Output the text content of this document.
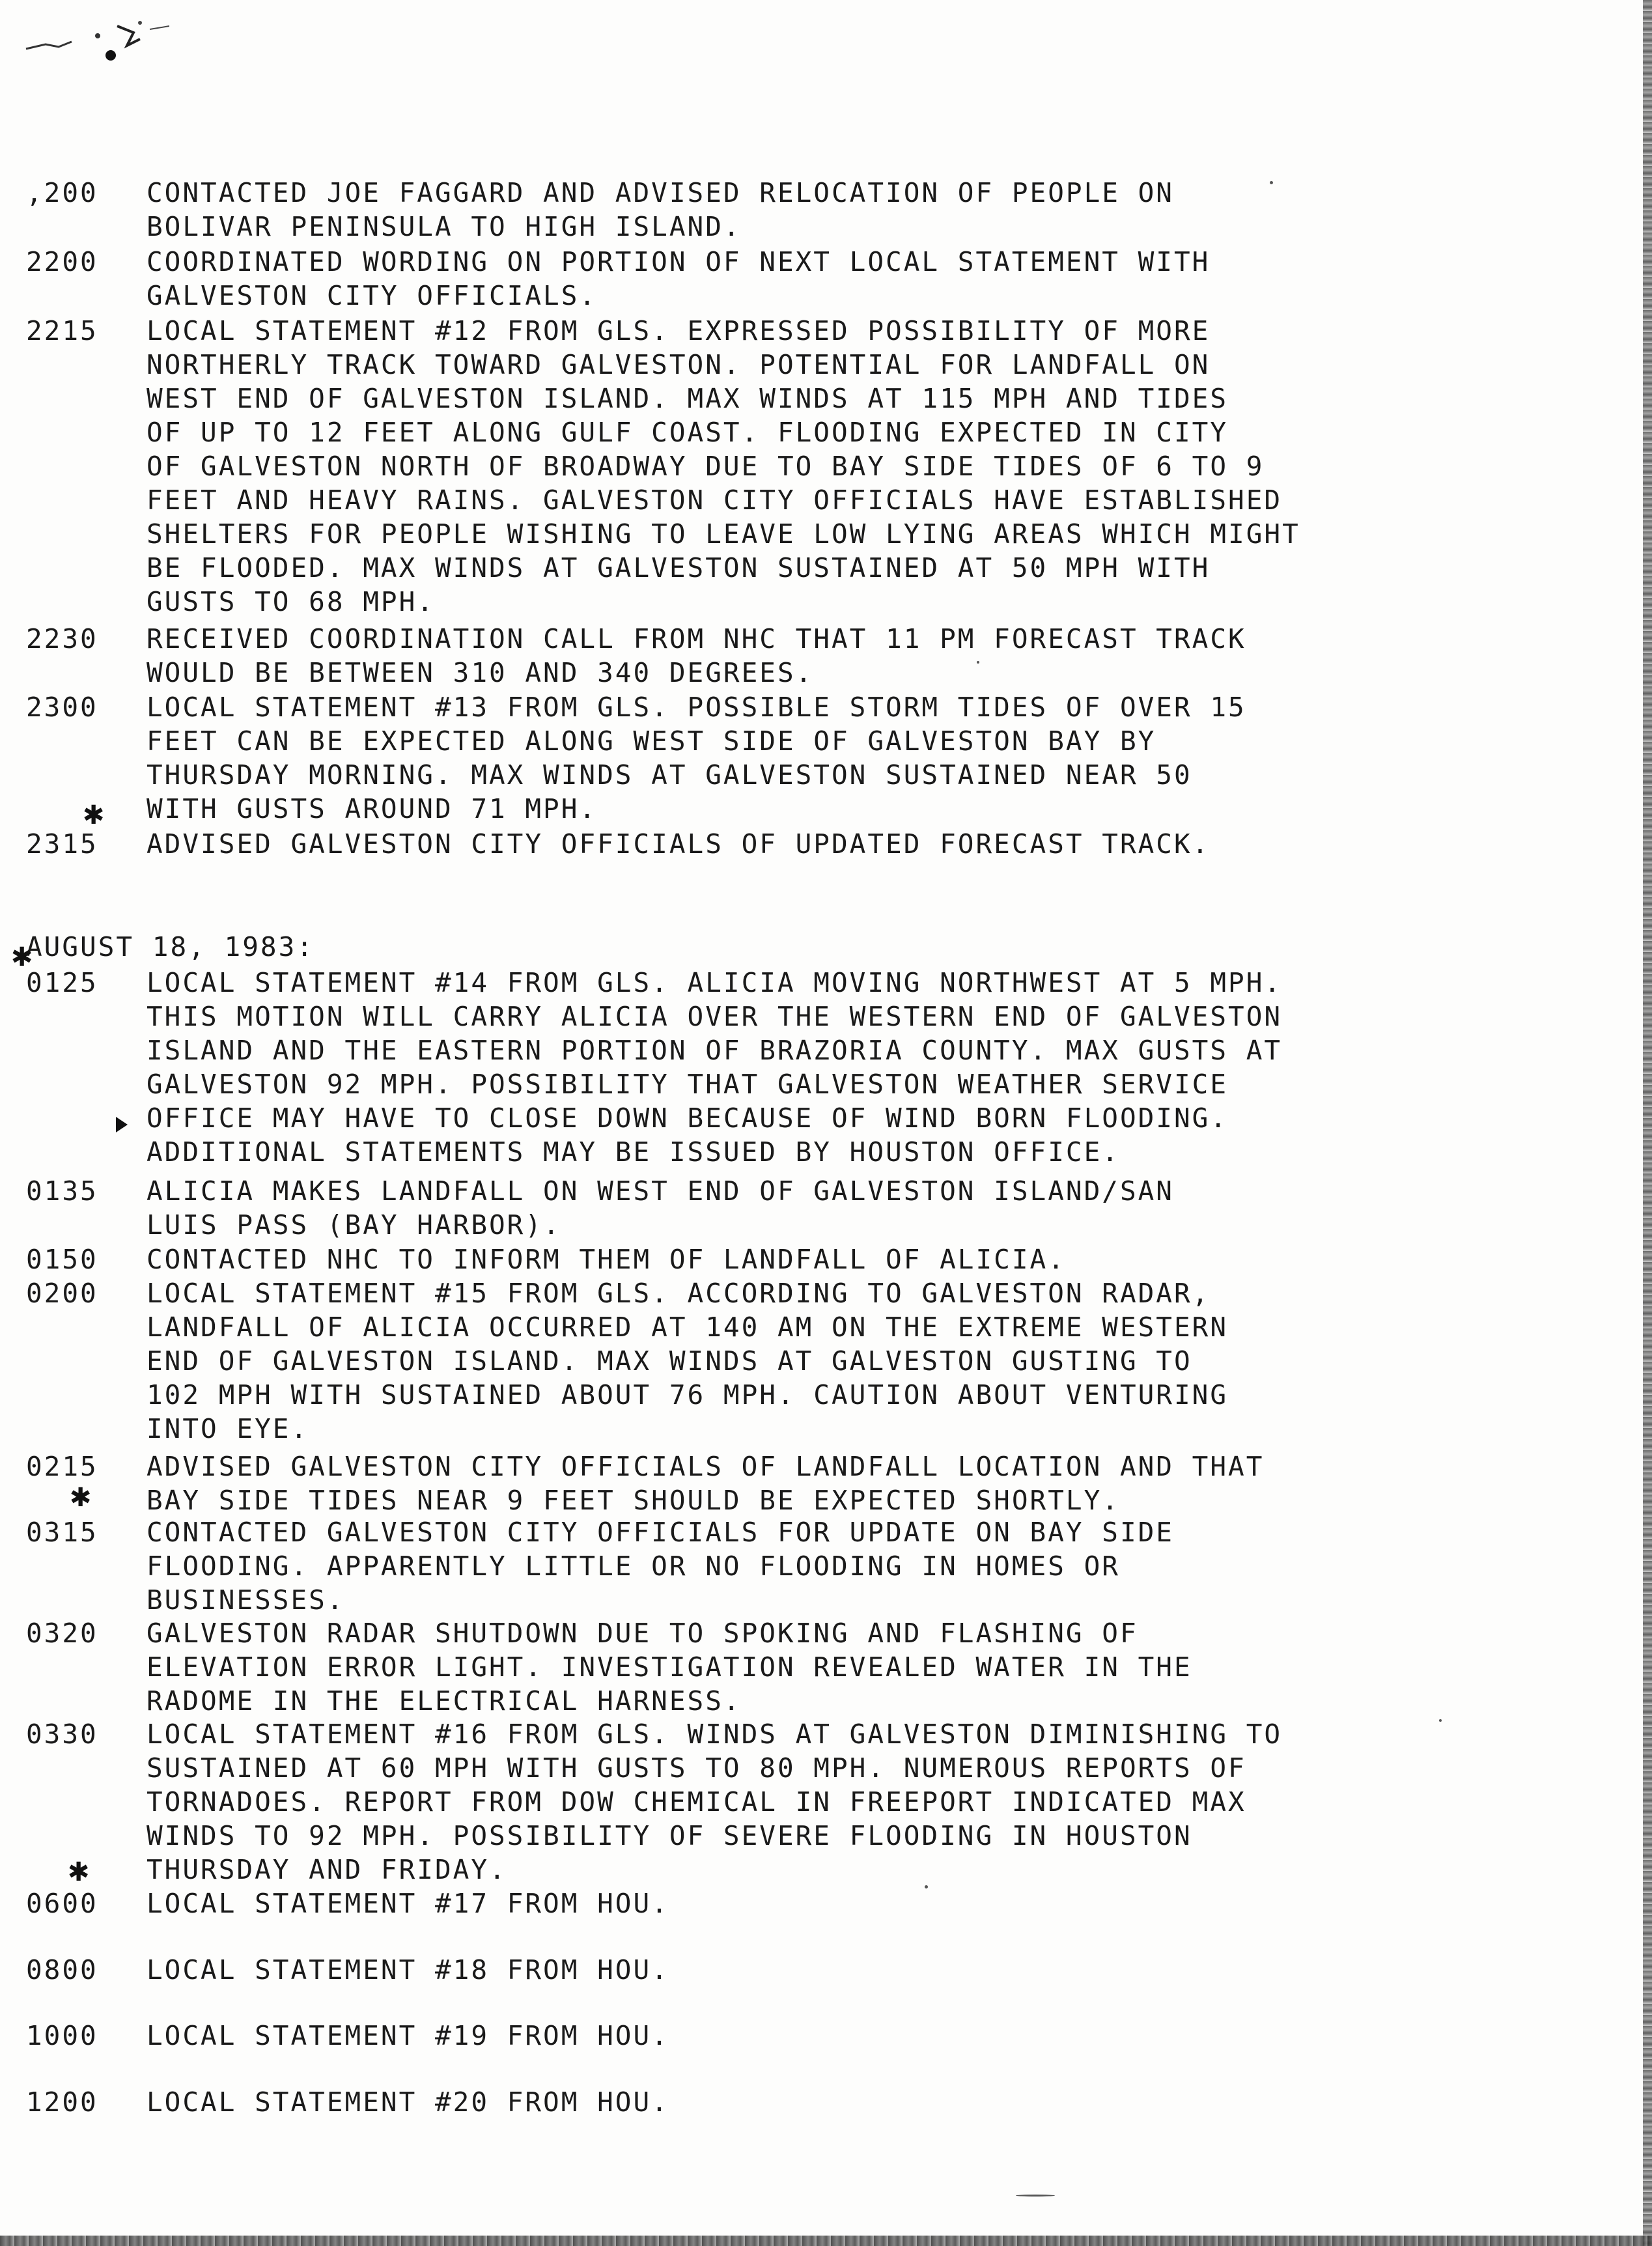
,200	CONTACTED JOE FAGGARD AND ADVISED RELOCATION OF PEOPLE ON
BOLIVAR PENINSULA TO HIGH ISLAND.
2200	COORDINATED WORDING ON PORTION OF NEXT LOCAL STATEMENT WITH
GALVESTON CITY OFFICIALS.
2215	LOCAL STATEMENT #12 FROM GLS. EXPRESSED POSSIBILITY OF MORE
NORTHERLY TRACK TOWARD GALVESTON. POTENTIAL FOR LANDFALL ON
WEST END OF GALVESTON ISLAND. MAX WINDS AT 115 MPH AND TIDES
OF UP TO 12 FEET ALONG GULF COAST. FLOODING EXPECTED IN CITY
OF GALVESTON NORTH OF BROADWAY DUE TO BAY SIDE TIDES OF 6 TO 9
FEET AND HEAVY RAINS. GALVESTON CITY OFFICIALS HAVE ESTABLISHED
SHELTERS FOR PEOPLE WISHING TO LEAVE LOW LYING AREAS WHICH MIGHT
BE FLOODED. MAX WINDS AT GALVESTON SUSTAINED AT 50 MPH WITH
GUSTS TO 68 MPH.
2230	RECEIVED COORDINATION CALL FROM NHC THAT 11 PM FORECAST TRACK
WOULD BE BETWEEN 310 AND 340 DEGREES.
2300	LOCAL STATEMENT #13 FROM GLS. POSSIBLE STORM TIDES OF OVER 15
FEET CAN BE EXPECTED ALONG WEST SIDE OF GALVESTON BAY BY
THURSDAY MORNING. MAX WINDS AT GALVESTON SUSTAINED NEAR 50
WITH GUSTS AROUND 71 MPH.
2315	ADVISED GALVESTON CITY OFFICIALS OF UPDATED FORECAST TRACK.
AUGUST 18, 1983:
0125	LOCAL STATEMENT #14 FROM GLS. ALICIA MOVING NORTHWEST AT 5 MPH.
THIS MOTION WILL CARRY ALICIA OVER THE WESTERN END OF GALVESTON
ISLAND AND THE EASTERN PORTION OF BRAZORIA COUNTY. MAX GUSTS AT
GALVESTON 92 MPH. POSSIBILITY THAT GALVESTON WEATHER SERVICE
OFFICE MAY HAVE TO CLOSE DOWN BECAUSE OF WIND BORN FLOODING.
ADDITIONAL STATEMENTS MAY BE ISSUED BY HOUSTON OFFICE.
0135	ALICIA MAKES LANDFALL ON WEST END OF GALVESTON ISLAND/SAN
LUIS PASS (BAY HARBOR).
0150	CONTACTED NHC TO INFORM THEM OF LANDFALL OF ALICIA.
0200	LOCAL STATEMENT #15 FROM GLS. ACCORDING TO GALVESTON RADAR,
LANDFALL OF ALICIA OCCURRED AT 140 AM ON THE EXTREME WESTERN
END OF GALVESTON ISLAND. MAX WINDS AT GALVESTON GUSTING TO
102 MPH WITH SUSTAINED ABOUT 76 MPH. CAUTION ABOUT VENTURING
INTO EYE.
0215	ADVISED GALVESTON CITY OFFICIALS OF LANDFALL LOCATION AND THAT
BAY SIDE TIDES NEAR 9 FEET SHOULD BE EXPECTED SHORTLY.
0315	CONTACTED GALVESTON CITY OFFICIALS FOR UPDATE ON BAY SIDE
FLOODING. APPARENTLY LITTLE OR NO FLOODING IN HOMES OR
BUSINESSES.
0320	GALVESTON RADAR SHUTDOWN DUE TO SPOKING AND FLASHING OF
ELEVATION ERROR LIGHT. INVESTIGATION REVEALED WATER IN THE
RADOME IN THE ELECTRICAL HARNESS.
0330	LOCAL STATEMENT #16 FROM GLS. WINDS AT GALVESTON DIMINISHING TO
SUSTAINED AT 60 MPH WITH GUSTS TO 80 MPH. NUMEROUS REPORTS OF
TORNADOES. REPORT FROM DOW CHEMICAL IN FREEPORT INDICATED MAX
WINDS TO 92 MPH. POSSIBILITY OF SEVERE FLOODING IN HOUSTON
THURSDAY AND FRIDAY.
0600	LOCAL STATEMENT #17 FROM HOU.
0800	LOCAL STATEMENT #18 FROM HOU.
1000	LOCAL STATEMENT #19 FROM HOU.
1200	LOCAL STATEMENT #20 FROM HOU.
✱
✱
✱
✱
